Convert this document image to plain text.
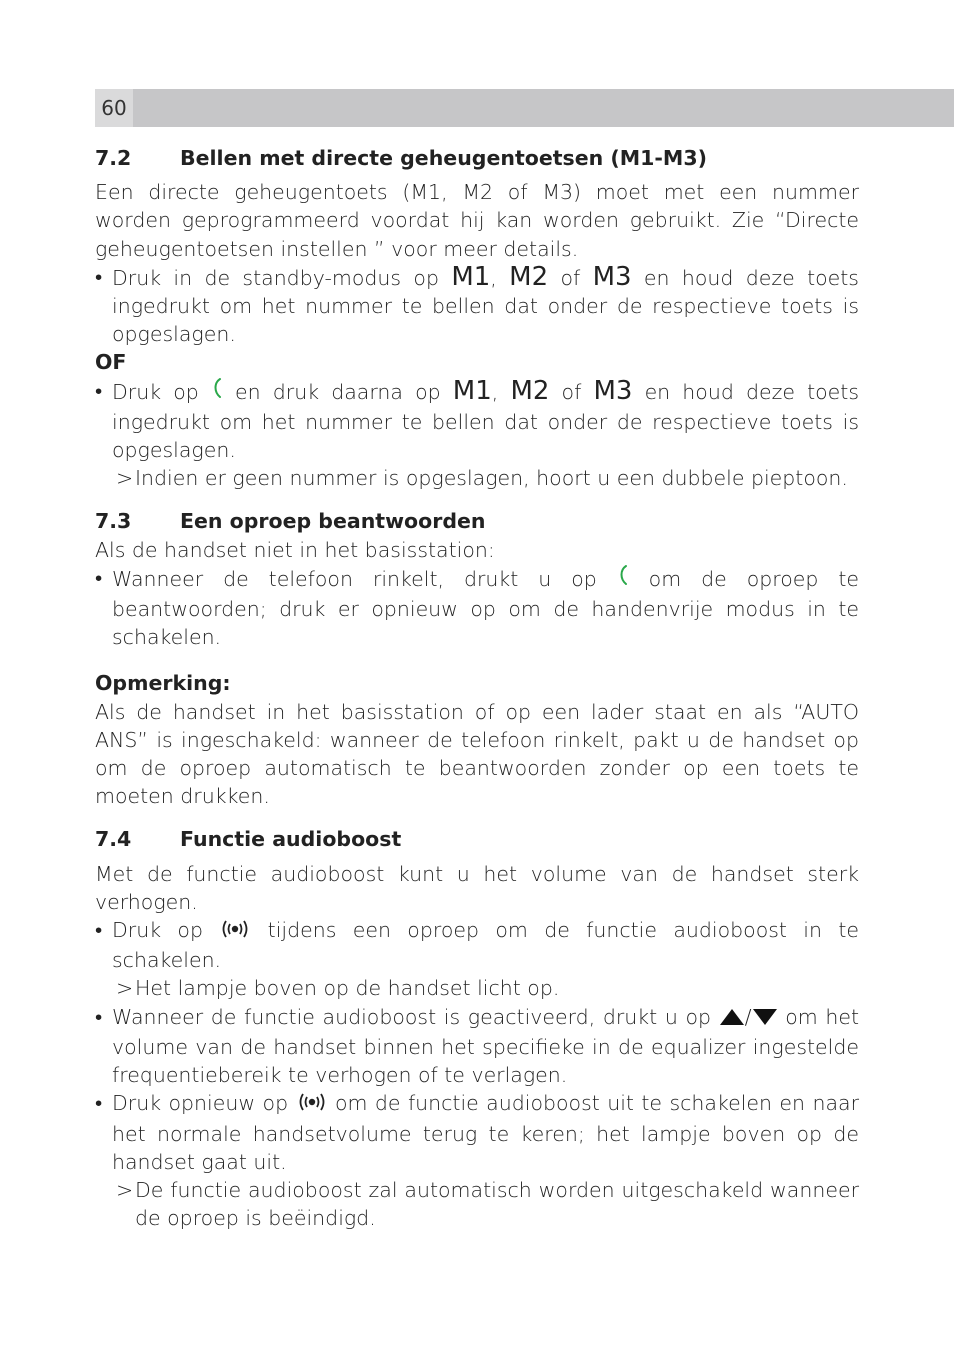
60
7.2	Bellen met directe geheugentoetsen (M1-M3)

Een directe geheugentoets (M1, M2 of M3) moet met een nummer worden geprogrammeerd voordat hij kan worden gebruikt. Zie “Directe geheugentoetsen instellen ” voor meer details.

• Druk in de standby-modus op M1, M2 of M3 en houd deze toets ingedrukt om het nummer te bellen dat onder de respectieve toets is opgeslagen.

OF

• Druk op  en druk daarna op M1, M2 of M3 en houd deze toets ingedrukt om het nummer te bellen dat onder de respectieve toets is opgeslagen.

> Indien er geen nummer is opgeslagen, hoort u een dubbele pieptoon.

7.3	Een oproep beantwoorden

Als de handset niet in het basisstation:

• Wanneer de telefoon rinkelt, drukt u op  om de oproep te beantwoorden; druk er opnieuw op om de handenvrije modus in te schakelen.

Opmerking:

Als de handset in het basisstation of op een lader staat en als “AUTO ANS” is ingeschakeld: wanneer de telefoon rinkelt, pakt u de handset op om de oproep automatisch te beantwoorden zonder op een toets te moeten drukken.

7.4	Functie audioboost

Met de functie audioboost kunt u het volume van de handset sterk verhogen.

• Druk op  tijdens een oproep om de functie audioboost in te schakelen.

> Het lampje boven op de handset licht op.

• Wanneer de functie audioboost is geactiveerd, drukt u op / om het volume van de handset binnen het specifieke in de equalizer ingestelde frequentiebereik te verhogen of te verlagen.

• Druk opnieuw op  om de functie audioboost uit te schakelen en naar het normale handsetvolume terug te keren; het lampje boven op de handset gaat uit.

> De functie audioboost zal automatisch worden uitgeschakeld wanneer de oproep is beëindigd.
